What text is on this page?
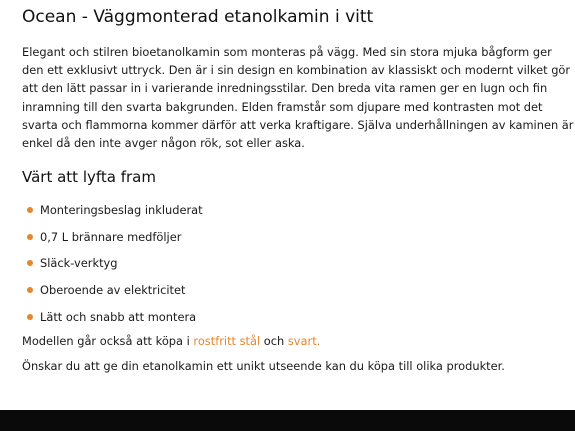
Ocean - Väggmonterad etanolkamin i vitt

Elegant och stilren bioetanolkamin som monteras på vägg. Med sin stora mjuka bågform ger den ett exklusivt uttryck. Den är i sin design en kombination av klassiskt och modernt vilket gör att den lätt passar in i varierande inredningsstilar. Den breda vita ramen ger en lugn och fin inramning till den svarta bakgrunden. Elden framstår som djupare med kontrasten mot det svarta och flammorna kommer därför att verka kraftigare. Själva underhållningen av kaminen är enkel då den inte avger någon rök, sot eller aska.

Värt att lyfta fram
Monteringsbeslag inkluderat
0,7 L brännare medföljer
Släck-verktyg
Oberoende av elektricitet
Lätt och snabb att montera

Modellen går också att köpa i rostfritt stål och svart.

Önskar du att ge din etanolkamin ett unikt utseende kan du köpa till olika produkter.
